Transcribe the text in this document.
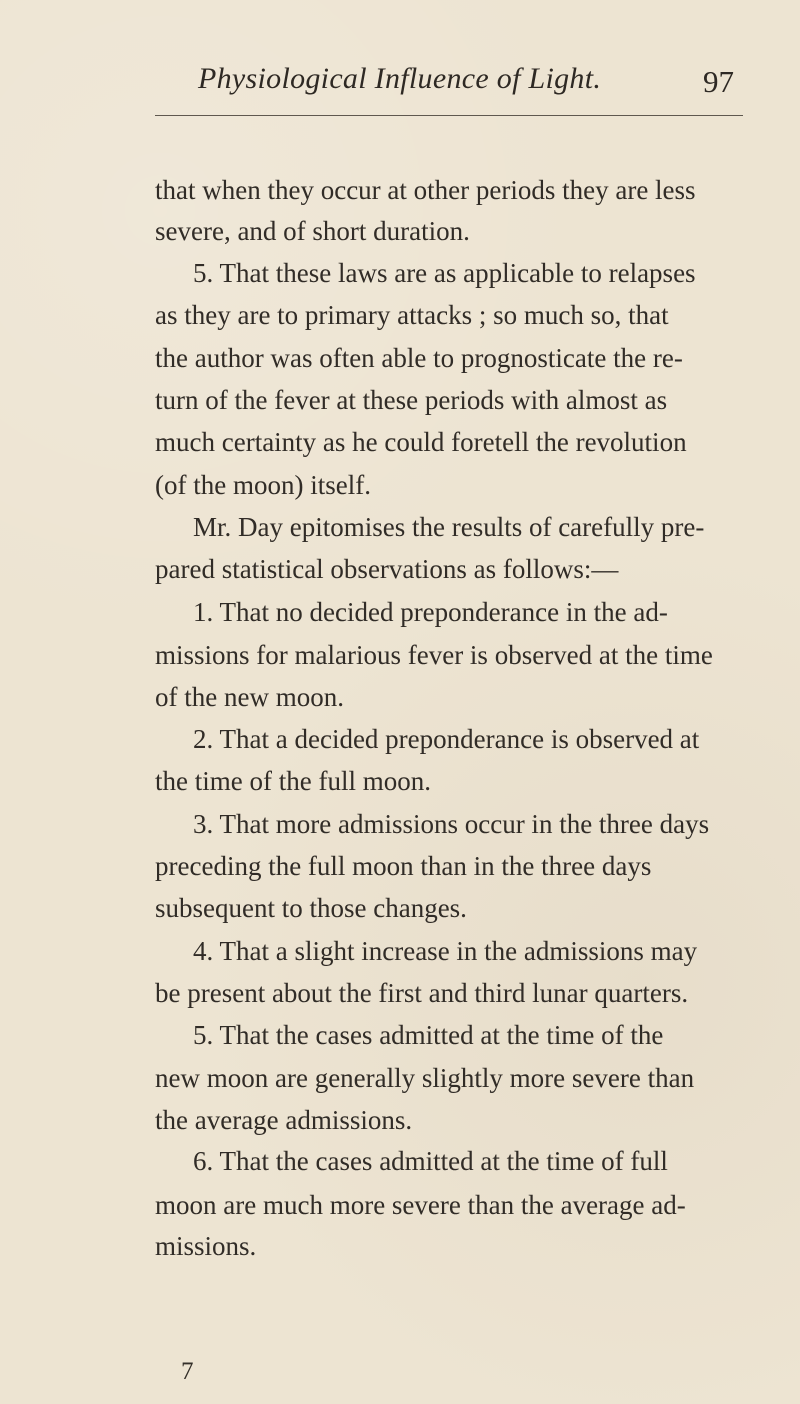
Physiological Influence of Light.	97

that when they occur at other periods they are less

severe, and of short duration.

5. That these laws are as applicable to relapses

as they are to primary attacks ; so much so, that

the author was often able to prognosticate the re-

turn of the fever at these periods with almost as

much certainty as he could foretell the revolution

(of the moon) itself.

Mr. Day epitomises the results of carefully pre-

pared statistical observations as follows:—

1. That no decided preponderance in the ad-

missions for malarious fever is observed at the time

of the new moon.

2. That a decided preponderance is observed at

the time of the full moon.

3. That more admissions occur in the three days

preceding the full moon than in the three days

subsequent to those changes.

4. That a slight increase in the admissions may

be present about the first and third lunar quarters.

5. That the cases admitted at the time of the

new moon are generally slightly more severe than

the average admissions.

6. That the cases admitted at the time of full

moon are much more severe than the average ad-

missions.

7
